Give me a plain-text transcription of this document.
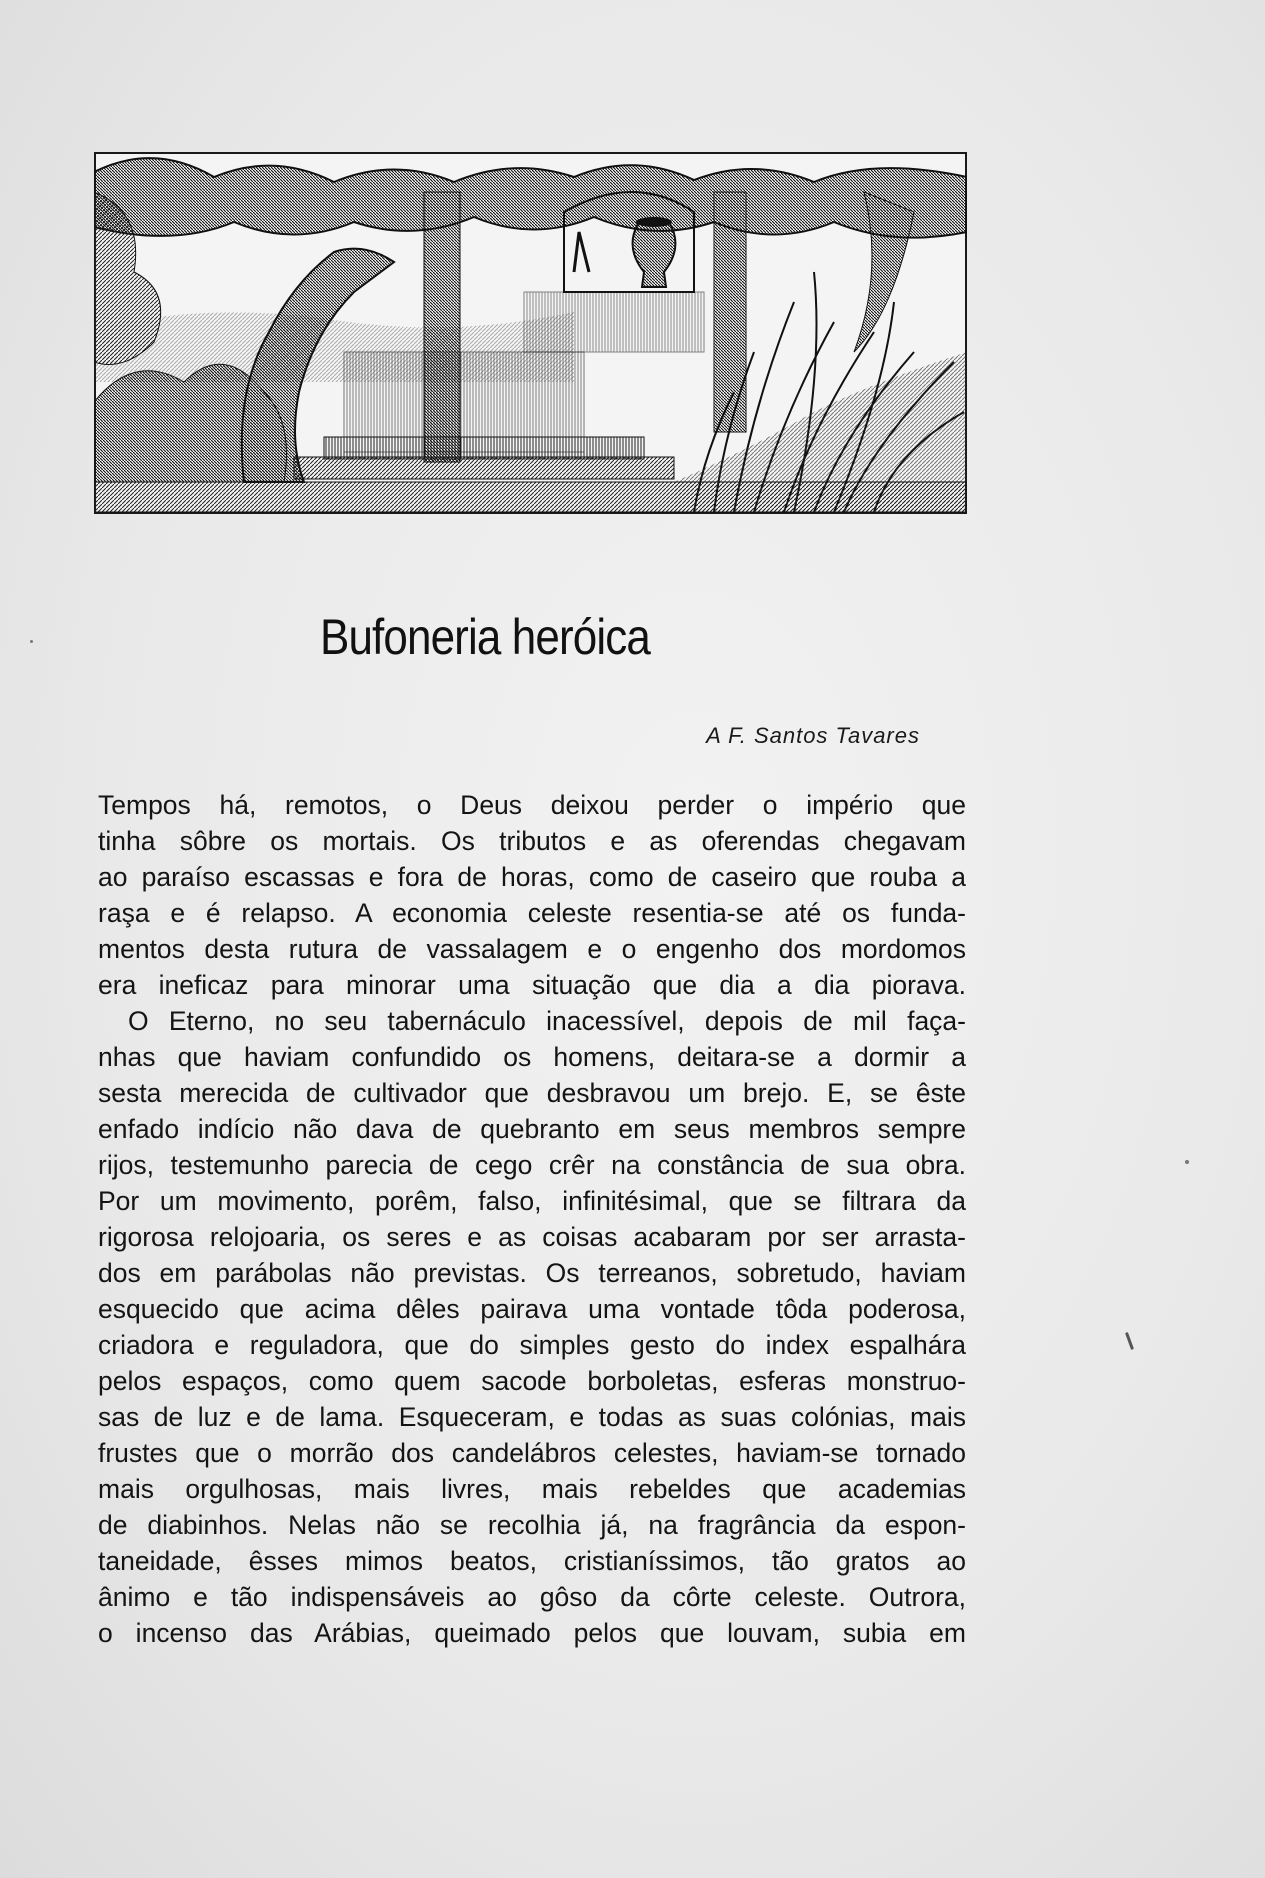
Bufoneria heróica
A F. Santos Tavares
Tempos há, remotos, o Deus deixou perder o império que
tinha sôbre os mortais. Os tributos e as oferendas chegavam
ao paraíso escassas e fora de horas, como de caseiro que rouba a
raşa e é relapso. A economia celeste resentia-se até os funda-
mentos desta rutura de vassalagem e o engenho dos mordomos
era ineficaz para minorar uma situação que dia a dia piorava.
O Eterno, no seu tabernáculo inacessível, depois de mil faça-
nhas que haviam confundido os homens, deitara-se a dormir a
sesta merecida de cultivador que desbravou um brejo. E, se êste
enfado indício não dava de quebranto em seus membros sempre
rijos, testemunho parecia de cego crêr na constância de sua obra.
Por um movimento, porêm, falso, infinitésimal, que se filtrara da
rigorosa relojoaria, os seres e as coisas acabaram por ser arrasta-
dos em parábolas não previstas. Os terreanos, sobretudo, haviam
esquecido que acima dêles pairava uma vontade tôda poderosa,
criadora e reguladora, que do simples gesto do index espalhára
pelos espaços, como quem sacode borboletas, esferas monstruo-
sas de luz e de lama. Esqueceram, e todas as suas colónias, mais
frustes que o morrão dos candelábros celestes, haviam-se tornado
mais orgulhosas, mais livres, mais rebeldes que academias
de diabinhos. Nelas não se recolhia já, na fragrância da espon-
taneidade, êsses mimos beatos, cristianíssimos, tão gratos ao
ânimo e tão indispensáveis ao gôso da côrte celeste. Outrora,
o incenso das Arábias, queimado pelos que louvam, subia em
